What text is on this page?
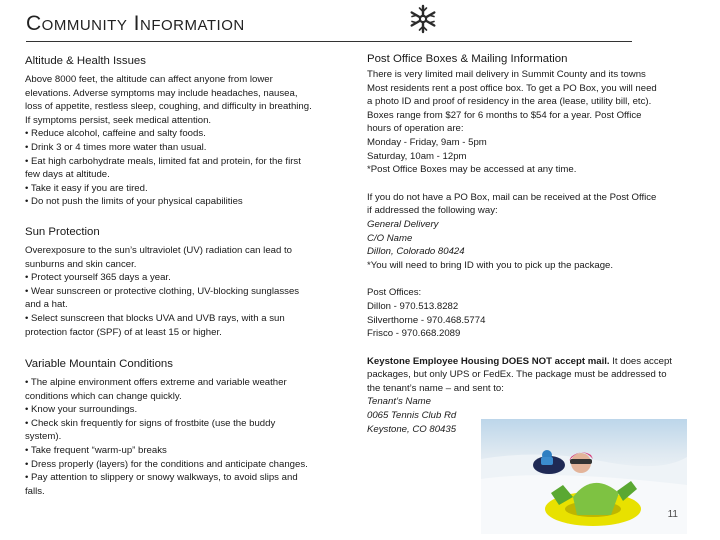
Community Information
Altitude & Health Issues
Above 8000 feet, the altitude can affect anyone from lower
elevations. Adverse symptoms may include headaches, nausea,
loss of appetite, restless sleep, coughing, and difficulty in breathing.
If symptoms persist, seek medical attention.
• Reduce alcohol, caffeine and salty foods.
• Drink 3 or 4 times more water than usual.
• Eat high carbohydrate meals, limited fat and protein, for the first
few days at altitude.
• Take it easy if you are tired.
• Do not push the limits of your physical capabilities
Sun Protection
Overexposure to the sun’s ultraviolet (UV) radiation can lead to
sunburns and skin cancer.
• Protect yourself 365 days a year.
• Wear sunscreen or protective clothing, UV-blocking sunglasses
and a hat.
• Select sunscreen that blocks UVA and UVB rays, with a sun
protection factor (SPF) of at least 15 or higher.
Variable Mountain Conditions
• The alpine environment offers extreme and variable weather
conditions which can change quickly.
• Know your surroundings.
• Check skin frequently for signs of frostbite (use the buddy
system).
• Take frequent “warm-up” breaks
• Dress properly (layers) for the conditions and anticipate changes.
• Pay attention to slippery or snowy walkways, to avoid slips and
falls.
Post Office Boxes & Mailing Information
There is very limited mail delivery in Summit County and its towns
Most residents rent a post office box. To get a PO Box, you will need
a photo ID and proof of residency in the area (lease, utility bill, etc).
Boxes range from $27 for 6 months to $54 for a year. Post Office
hours of operation are:
Monday - Friday, 9am - 5pm
Saturday, 10am - 12pm
*Post Office Boxes may be accessed at any time.
If you do not have a PO Box, mail can be received at the Post Office
if addressed the following way:
General Delivery
C/O Name
Dillon, Colorado 80424
*You will need to bring ID with you to pick up the package.
Post Offices:
Dillon - 970.513.8282
Silverthorne - 970.468.5774
Frisco - 970.668.2089
Keystone Employee Housing DOES NOT accept mail. It does accept
packages, but only UPS or FedEx. The package must be addressed to
the tenant’s name – and sent to:
Tenant’s Name
0065 Tennis Club Rd
Keystone, CO 80435
11
